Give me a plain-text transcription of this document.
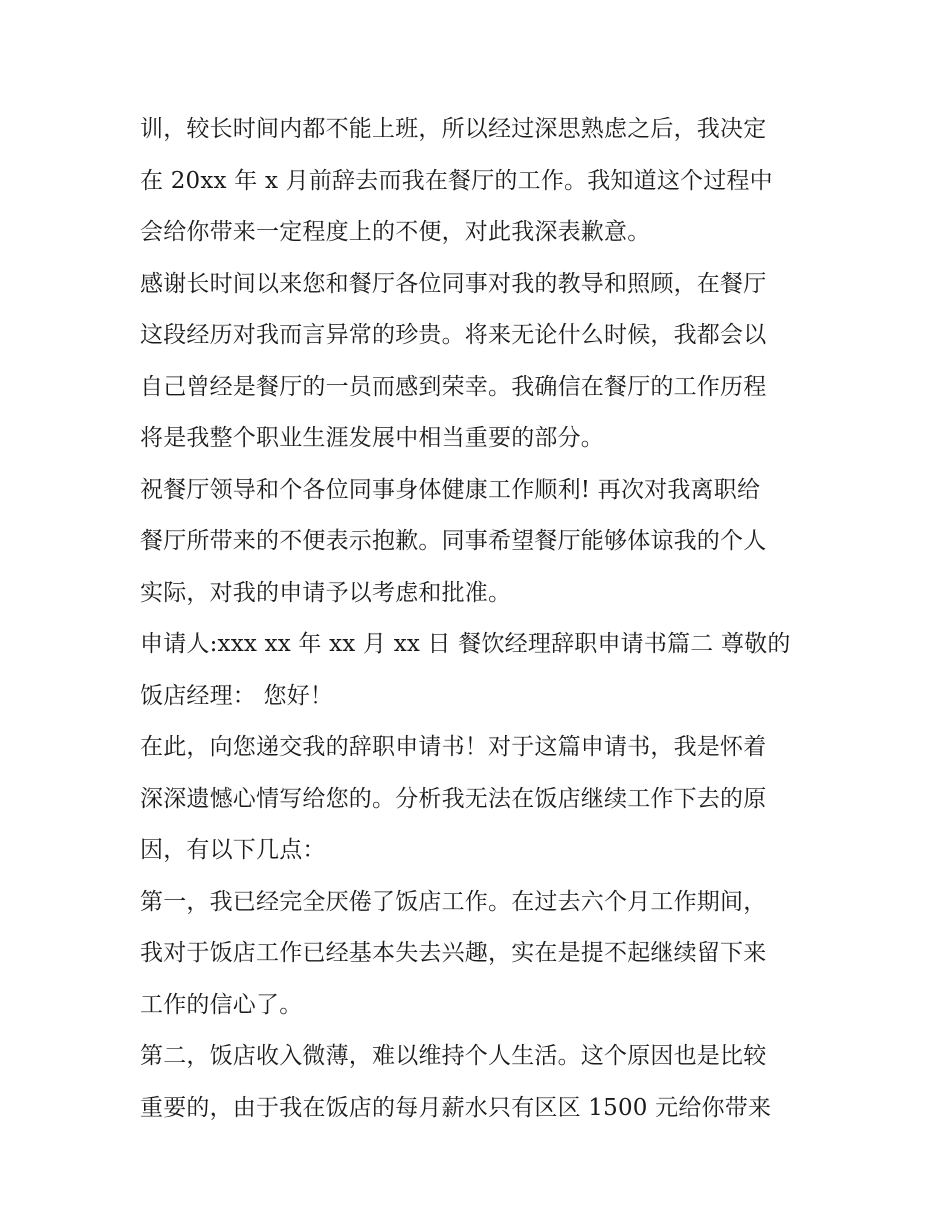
训，较长时间内都不能上班，所以经过深思熟虑之后，我决定
在 20xx 年 x 月前辞去而我在餐厅的工作。我知道这个过程中
会给你带来一定程度上的不便，对此我深表歉意。
感谢长时间以来您和餐厅各位同事对我的教导和照顾，在餐厅
这段经历对我而言异常的珍贵。将来无论什么时候，我都会以
自己曾经是餐厅的一员而感到荣幸。我确信在餐厅的工作历程
将是我整个职业生涯发展中相当重要的部分。
祝餐厅领导和个各位同事身体健康工作顺利! 再次对我离职给
餐厅所带来的不便表示抱歉。同事希望餐厅能够体谅我的个人
实际，对我的申请予以考虑和批准。
申请人:xxx xx 年 xx 月 xx 日 餐饮经理辞职申请书篇二 尊敬的
饭店经理： 您好！
在此，向您递交我的辞职申请书！对于这篇申请书，我是怀着
深深遗憾心情写给您的。分析我无法在饭店继续工作下去的原
因，有以下几点：
第一，我已经完全厌倦了饭店工作。在过去六个月工作期间，
我对于饭店工作已经基本失去兴趣，实在是提不起继续留下来
工作的信心了。
第二，饭店收入微薄，难以维持个人生活。这个原因也是比较
重要的，由于我在饭店的每月薪水只有区区 1500 元给你带来
